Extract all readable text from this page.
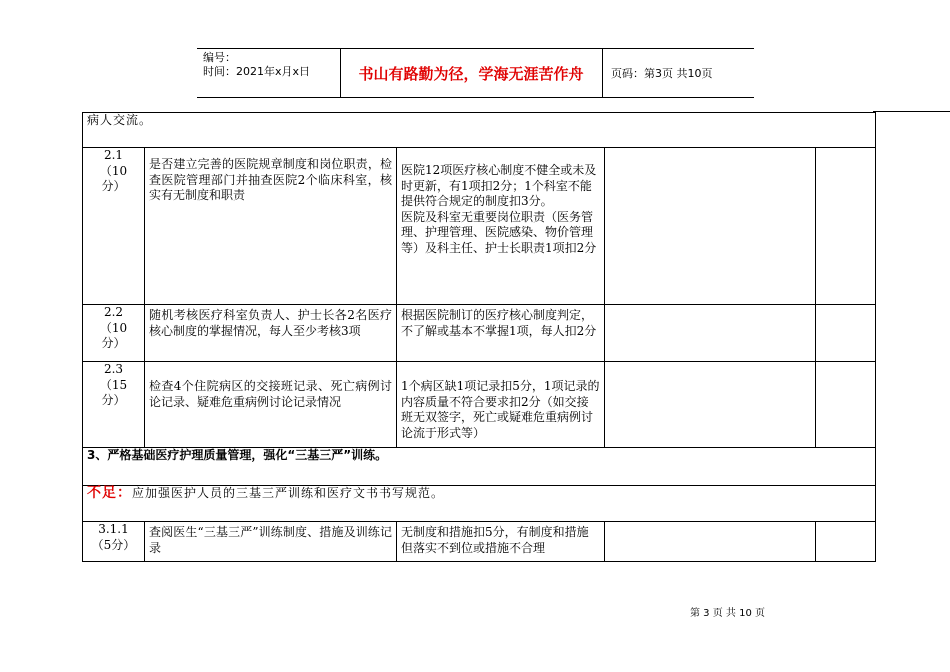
编号：
时间：2021年x月x日	书山有路勤为径，学海无涯苦作舟	页码：第3页 共10页
病人交流。				
2.1
（10
分）	是否建立完善的医院规章制度和岗位职责，检查医院管理部门并抽查医院2个临床科室，核实有无制度和职责	医院12项医疗核心制度不健全或未及时更新，有1项扣2分；1个科室不能提供符合规定的制度扣3分。
医院及科室无重要岗位职责（医务管理、护理管理、医院感染、物价管理等）及科主任、护士长职责1项扣2分		
2.2
（10
分）	随机考核医疗科室负责人、护士长各2名医疗核心制度的掌握情况，每人至少考核3项	根据医院制订的医疗核心制度判定，不了解或基本不掌握1项，每人扣2分		
2.3
（15
分）	检查4个住院病区的交接班记录、死亡病例讨论记录、疑难危重病例讨论记录情况	1个病区缺1项记录扣5分，1项记录的内容质量不符合要求扣2分（如交接班无双签字，死亡或疑难危重病例讨论流于形式等）		
3、严格基础医疗护理质量管理，强化“三基三严”训练。				
不足：应加强医护人员的三基三严训练和医疗文书书写规范。				
3.1.1
（5分）	查阅医生“三基三严”训练制度、措施及训练记录	无制度和措施扣5分，有制度和措施但落实不到位或措施不合理		
第 3 页 共 10 页
